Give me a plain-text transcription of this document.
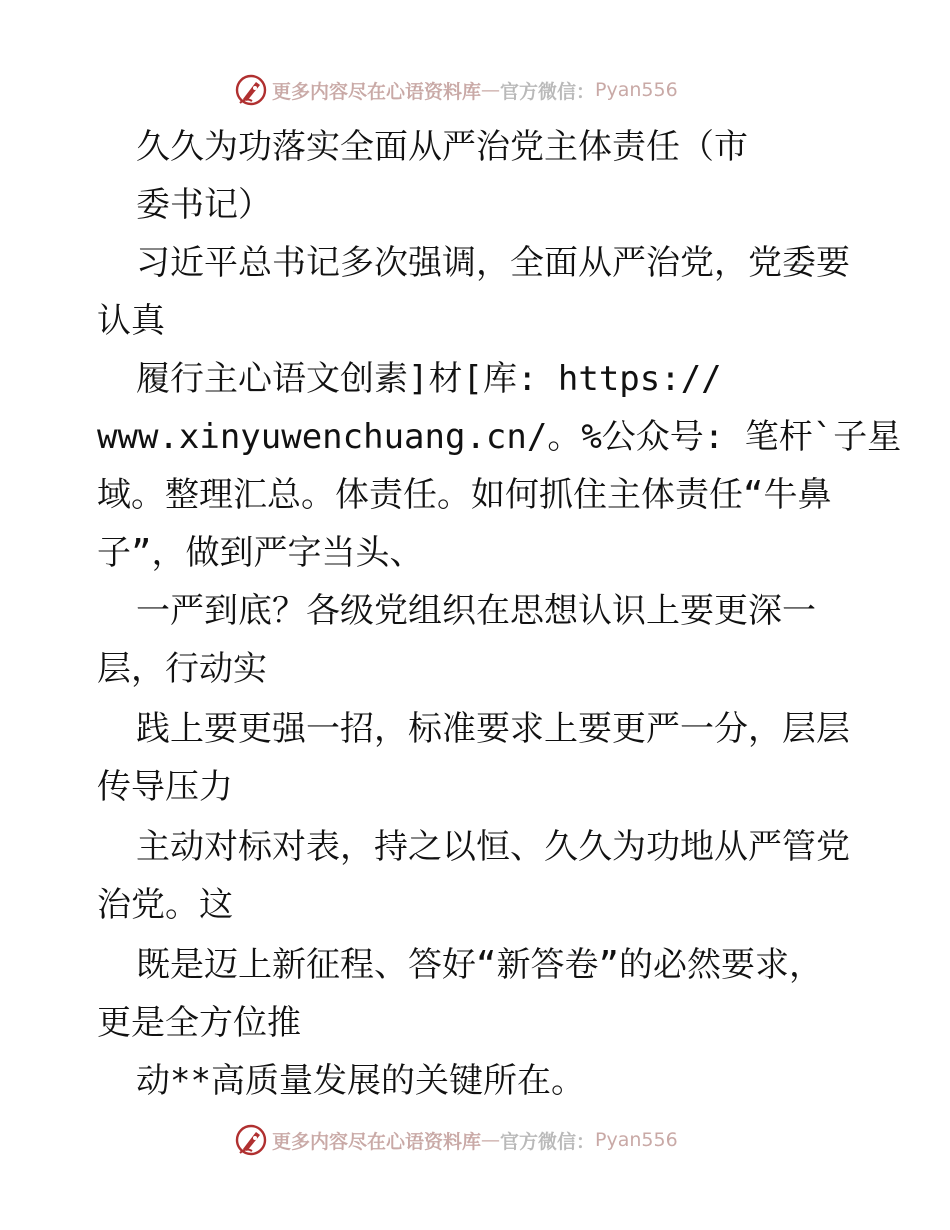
更多内容尽在心语资料库 — 官方微信： Pyan556
久久为功落实全面从严治党主体责任（市
委书记）
习近平总书记多次强调，全面从严治党，党委要
认真
履行主心语文创素]材[库: https://
www.xinyuwenchuang.cn/。%公众号: 笔杆`子星
域。整理汇总。体责任。如何抓住主体责任“牛鼻
子”，做到严字当头、
一严到底？各级党组织在思想认识上要更深一
层，行动实
践上要更强一招，标准要求上要更严一分，层层
传导压力
主动对标对表，持之以恒、久久为功地从严管党
治党。这
既是迈上新征程、答好“新答卷”的必然要求，
更是全方位推
动**高质量发展的关键所在。
更多内容尽在心语资料库 — 官方微信： Pyan556
